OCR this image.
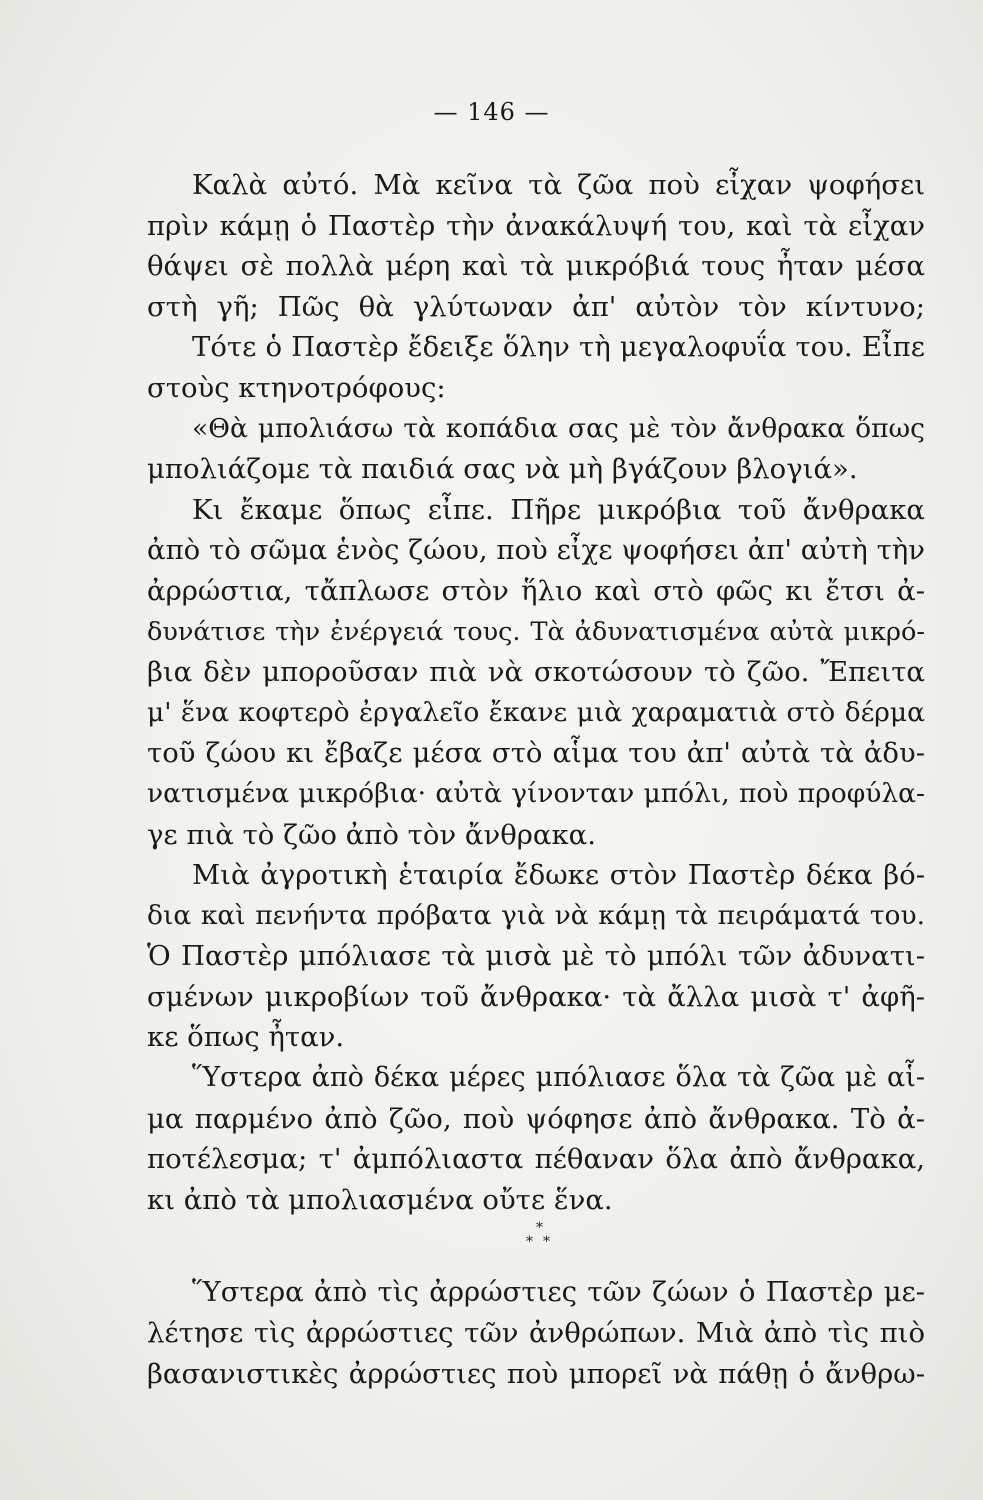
— 146 —
Καλὰ αὐτό. Μὰ κεῖνα τὰ ζῶα ποὺ εἶχαν ψοφήσει
πρὶν κάμῃ ὁ Παστὲρ τὴν ἀνακάλυψή του, καὶ τὰ εἶχαν
θάψει σὲ πολλὰ μέρη καὶ τὰ μικρόβιά τους ἦταν μέσα
στὴ γῆ; Πῶς θὰ γλύτωναν ἀπ' αὐτὸν τὸν κίντυνο;
Τότε ὁ Παστὲρ ἔδειξε ὅλην τὴ μεγαλοφυΐα του. Εἶπε
στοὺς κτηνοτρόφους:
«Θὰ μπολιάσω τὰ κοπάδια σας μὲ τὸν ἄνθρακα ὅπως
μπολιάζομε τὰ παιδιά σας νὰ μὴ βγάζουν βλογιά».
Κι ἔκαμε ὅπως εἶπε. Πῆρε μικρόβια τοῦ ἄνθρακα
ἀπὸ τὸ σῶμα ἑνὸς ζώου, ποὺ εἶχε ψοφήσει ἀπ' αὐτὴ τὴν
ἀρρώστια, τἄπλωσε στὸν ἥλιο καὶ στὸ φῶς κι ἔτσι ἀ-
δυνάτισε τὴν ἐνέργειά τους. Τὰ ἀδυνατισμένα αὐτὰ μικρό-
βια δὲν μποροῦσαν πιὰ νὰ σκοτώσουν τὸ ζῶο. Ἔπειτα
μ' ἕνα κοφτερὸ ἐργαλεῖο ἔκανε μιὰ χαραματιὰ στὸ δέρμα
τοῦ ζώου κι ἔβαζε μέσα στὸ αἷμα του ἀπ' αὐτὰ τὰ ἀδυ-
νατισμένα μικρόβια· αὐτὰ γίνονταν μπόλι, ποὺ προφύλα-
γε πιὰ τὸ ζῶο ἀπὸ τὸν ἄνθρακα.
Μιὰ ἀγροτικὴ ἑταιρία ἔδωκε στὸν Παστὲρ δέκα βό-
δια καὶ πενήντα πρόβατα γιὰ νὰ κάμῃ τὰ πειράματά του.
Ὁ Παστὲρ μπόλιασε τὰ μισὰ μὲ τὸ μπόλι τῶν ἀδυνατι-
σμένων μικροβίων τοῦ ἄνθρακα· τὰ ἄλλα μισὰ τ' ἀφῆ-
κε ὅπως ἦταν.
Ὕστερα ἀπὸ δέκα μέρες μπόλιασε ὅλα τὰ ζῶα μὲ αἷ-
μα παρμένο ἀπὸ ζῶο, ποὺ ψόφησε ἀπὸ ἄνθρακα. Τὸ ἀ-
ποτέλεσμα; τ' ἀμπόλιαστα πέθαναν ὅλα ἀπὸ ἄνθρακα,
κι ἀπὸ τὰ μπολιασμένα οὔτε ἕνα.
*
**
Ὕστερα ἀπὸ τὶς ἀρρώστιες τῶν ζώων ὁ Παστὲρ με-
λέτησε τὶς ἀρρώστιες τῶν ἀνθρώπων. Μιὰ ἀπὸ τὶς πιὸ
βασανιστικὲς ἀρρώστιες ποὺ μπορεῖ νὰ πάθῃ ὁ ἄνθρω-
